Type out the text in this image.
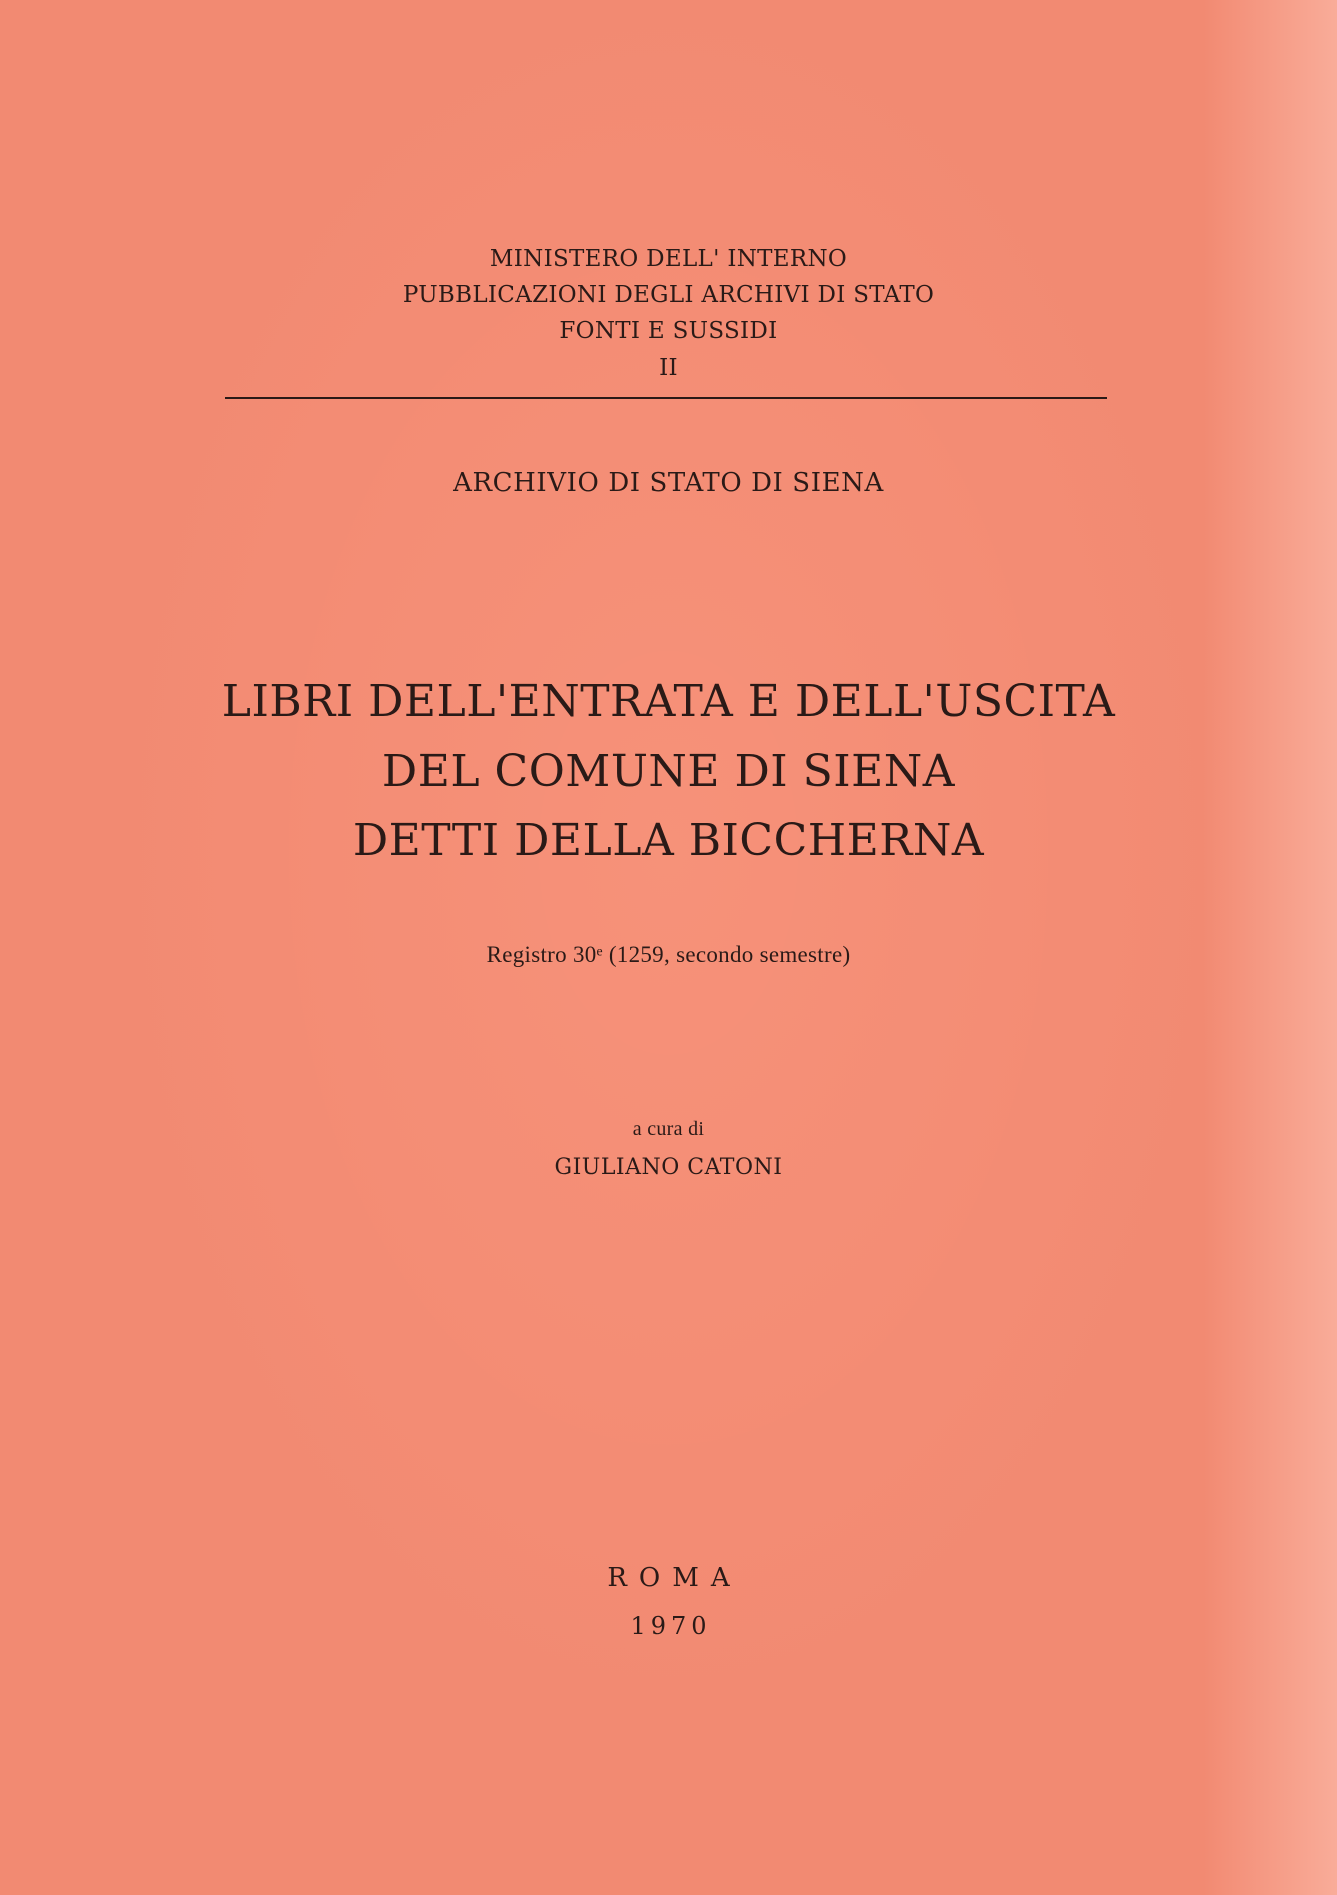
MINISTERO DELL' INTERNO
PUBBLICAZIONI DEGLI ARCHIVI DI STATO
FONTI E SUSSIDI
II
ARCHIVIO DI STATO DI SIENA
LIBRI DELL'ENTRATA E DELL'USCITA
DEL COMUNE DI SIENA
DETTI DELLA BICCHERNA
Registro 30ᵉ (1259, secondo semestre)
a cura di
GIULIANO CATONI
ROMA
1970
